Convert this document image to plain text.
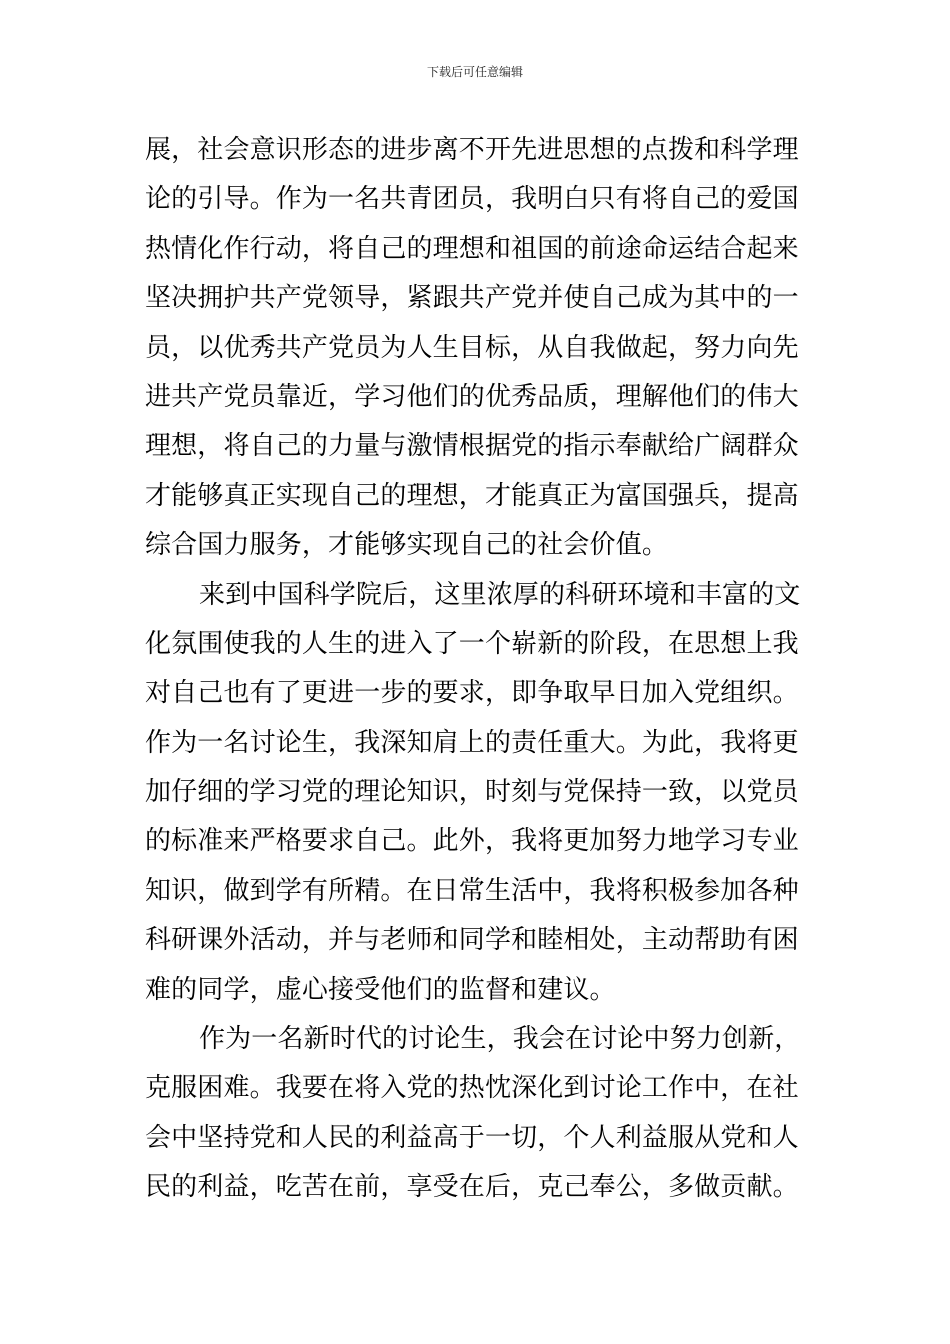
下载后可任意编辑
展，社会意识形态的进步离不开先进思想的点拨和科学理
论的引导。作为一名共青团员，我明白只有将自己的爱国
热情化作行动，将自己的理想和祖国的前途命运结合起来
坚决拥护共产党领导，紧跟共产党并使自己成为其中的一
员，以优秀共产党员为人生目标，从自我做起，努力向先
进共产党员靠近，学习他们的优秀品质，理解他们的伟大
理想，将自己的力量与激情根据党的指示奉献给广阔群众
才能够真正实现自己的理想，才能真正为富国强兵，提高
综合国力服务，才能够实现自己的社会价值。
来到中国科学院后，这里浓厚的科研环境和丰富的文
化氛围使我的人生的进入了一个崭新的阶段，在思想上我
对自己也有了更进一步的要求，即争取早日加入党组织。
作为一名讨论生，我深知肩上的责任重大。为此，我将更
加仔细的学习党的理论知识，时刻与党保持一致，以党员
的标准来严格要求自己。此外，我将更加努力地学习专业
知识，做到学有所精。在日常生活中，我将积极参加各种
科研课外活动，并与老师和同学和睦相处，主动帮助有困
难的同学，虚心接受他们的监督和建议。
作为一名新时代的讨论生，我会在讨论中努力创新，
克服困难。我要在将入党的热忱深化到讨论工作中，在社
会中坚持党和人民的利益高于一切，个人利益服从党和人
民的利益，吃苦在前，享受在后，克己奉公，多做贡献。
